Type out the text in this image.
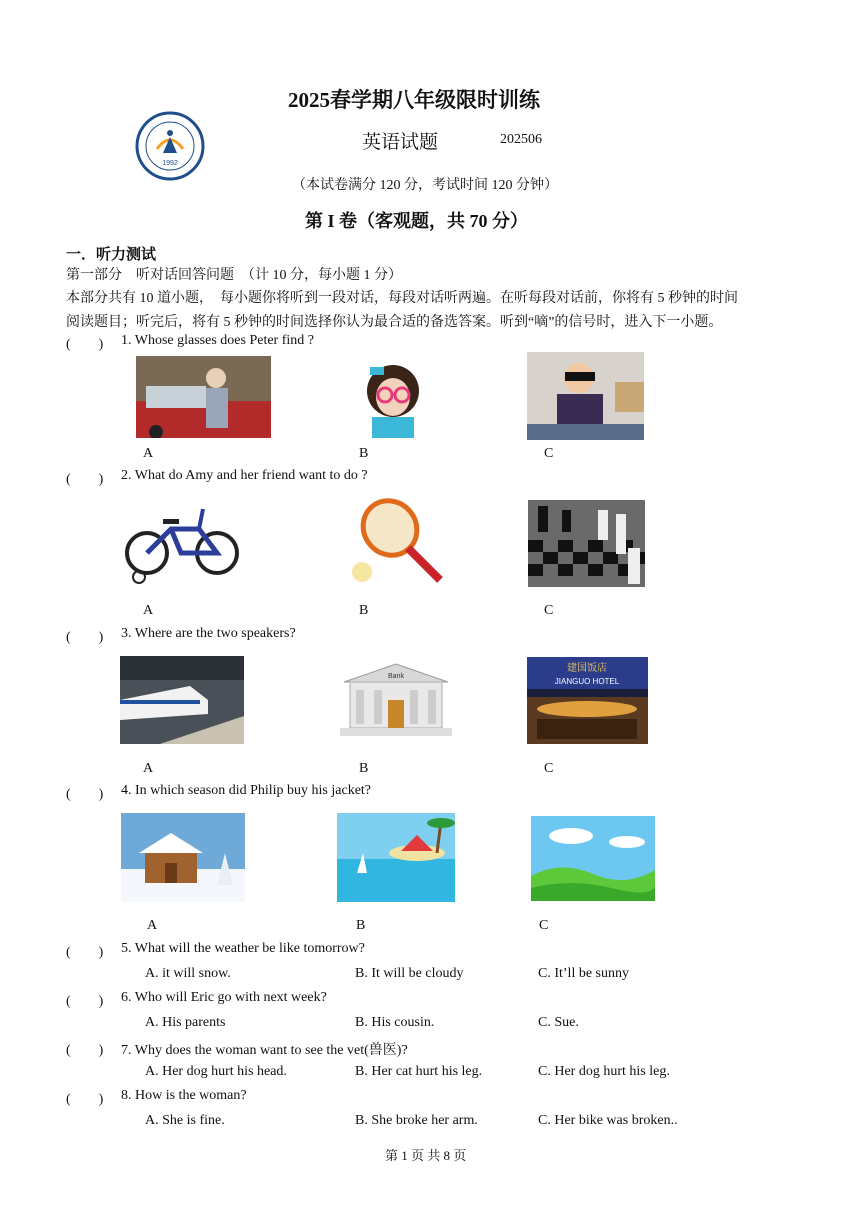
1992
2025春学期八年级限时训练
英语试题	202506
（本试卷满分 120 分，考试时间 120 分钟）
第 I 卷（客观题，共 70 分）
一．听力测试
第一部分　听对话回答问题　（计 10 分，每小题 1 分）
本部分共有 10 道小题，　每小题你将听到一段对话，每段对话听两遍。在听每段对话前，你将有 5 秒钟的时间
阅读题目；听完后，将有 5 秒钟的时间选择你认为最合适的备选答案。听到“嘀”的信号时，进入下一小题。
(　　) 1. Whose glasses does Peter find ?
A	B	C
(　　) 2. What do Amy and her friend want to do ?
A	B	C
(　　) 3. Where are the two speakers?
Bank
建国饭店
JIANGUO HOTEL
A	B	C
(　　) 4. In which season did Philip buy his jacket?
A	B	C
(　　) 5. What will the weather be like tomorrow?
A. it will snow.	B. It will be cloudy	C. It’ll be sunny
(　　) 6. Who will Eric go with next week?
A. His parents	B. His cousin.	C. Sue.
(　　) 7. Why does the woman want to see the vet(兽医)?
A. Her dog hurt his head.	B. Her cat hurt his leg.	C. Her dog hurt his leg.
(　　) 8. How is the woman?
A. She is fine.	B. She broke her arm.	C. Her bike was broken..
第 1 页 共 8 页
